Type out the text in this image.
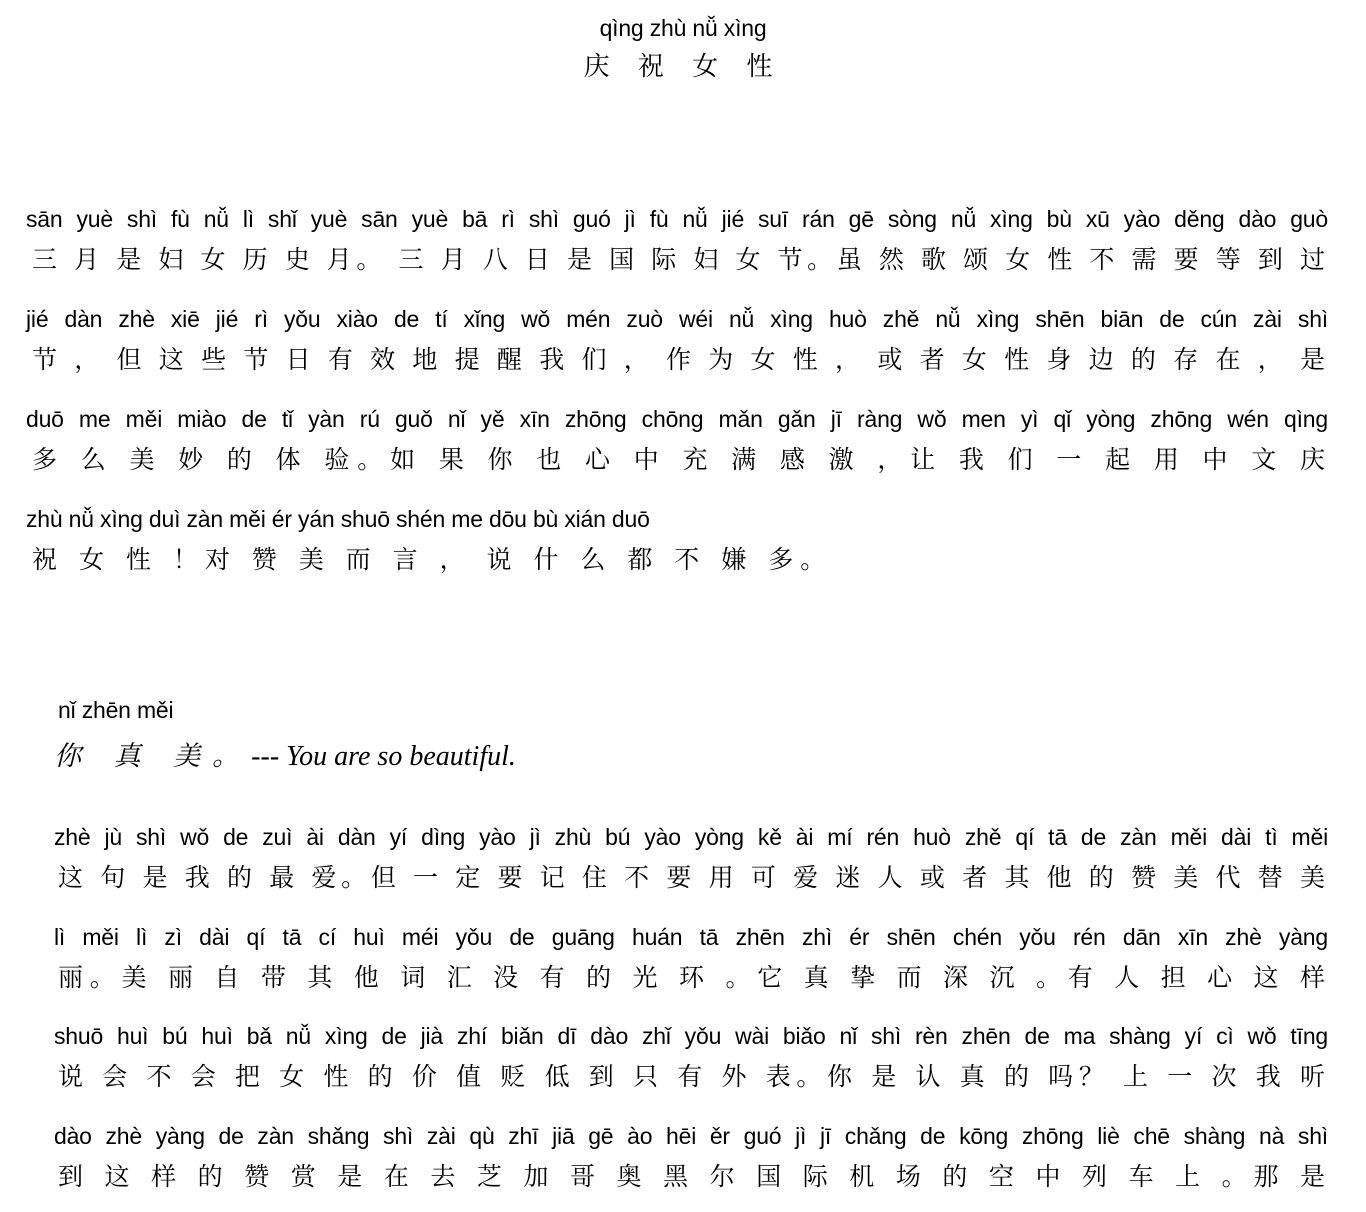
qìng zhù nǚ xìng
庆 祝 女 性
sān yuè shì fù nǚ lì shǐ yuè sān yuè bā rì shì guó jì fù nǚ jié suī rán gē sòng nǚ xìng bù xū yào děng dào guò
三 月 是 妇 女 历 史 月。 三 月 八 日 是 国 际 妇 女 节。虽 然 歌 颂 女 性 不 需 要 等 到 过
jié dàn zhè xiē jié rì yǒu xiào de tí xǐng wǒ mén zuò wéi nǚ xìng huò zhě nǚ xìng shēn biān de cún zài shì
节 ， 但 这 些 节 日 有 效 地 提 醒 我 们 ， 作 为 女 性 ， 或 者 女 性 身 边 的 存 在 ， 是
duō me měi miào de tǐ yàn rú guǒ nǐ yě xīn zhōng chōng mǎn gǎn jī ràng wǒ men yì qǐ yòng zhōng wén qìng
多 么 美 妙 的 体 验。如 果 你 也 心 中 充 满 感 激 ，让 我 们 一 起 用 中 文 庆
zhù nǚ xìng duì zàn měi ér yán shuō shén me dōu bù xián duō
祝 女 性 ！对 赞 美 而 言 ， 说 什 么 都 不 嫌 多。
nǐ zhēn měi
你 真 美。--- You are so beautiful.
zhè jù shì wǒ de zuì ài dàn yí dìng yào jì zhù bú yào yòng kě ài mí rén huò zhě qí tā de zàn měi dài tì měi
这 句 是 我 的 最 爱。但 一 定 要 记 住 不 要 用 可 爱 迷 人 或 者 其 他 的 赞 美 代 替 美
lì měi lì zì dài qí tā cí huì méi yǒu de guāng huán tā zhēn zhì ér shēn chén yǒu rén dān xīn zhè yàng
丽。美 丽 自 带 其 他 词 汇 没 有 的 光 环 。它 真 挚 而 深 沉 。有 人 担 心 这 样
shuō huì bú huì bǎ nǚ xìng de jià zhí biǎn dī dào zhǐ yǒu wài biǎo nǐ shì rèn zhēn de ma shàng yí cì wǒ tīng
说 会 不 会 把 女 性 的 价 值 贬 低 到 只 有 外 表。你 是 认 真 的 吗？ 上 一 次 我 听
dào zhè yàng de zàn shǎng shì zài qù zhī jiā gē ào hēi ěr guó jì jī chǎng de kōng zhōng liè chē shàng nà shì
到 这 样 的 赞 赏 是 在 去 芝 加 哥 奥 黑 尔 国 际 机 场 的 空 中 列 车 上 。那 是
